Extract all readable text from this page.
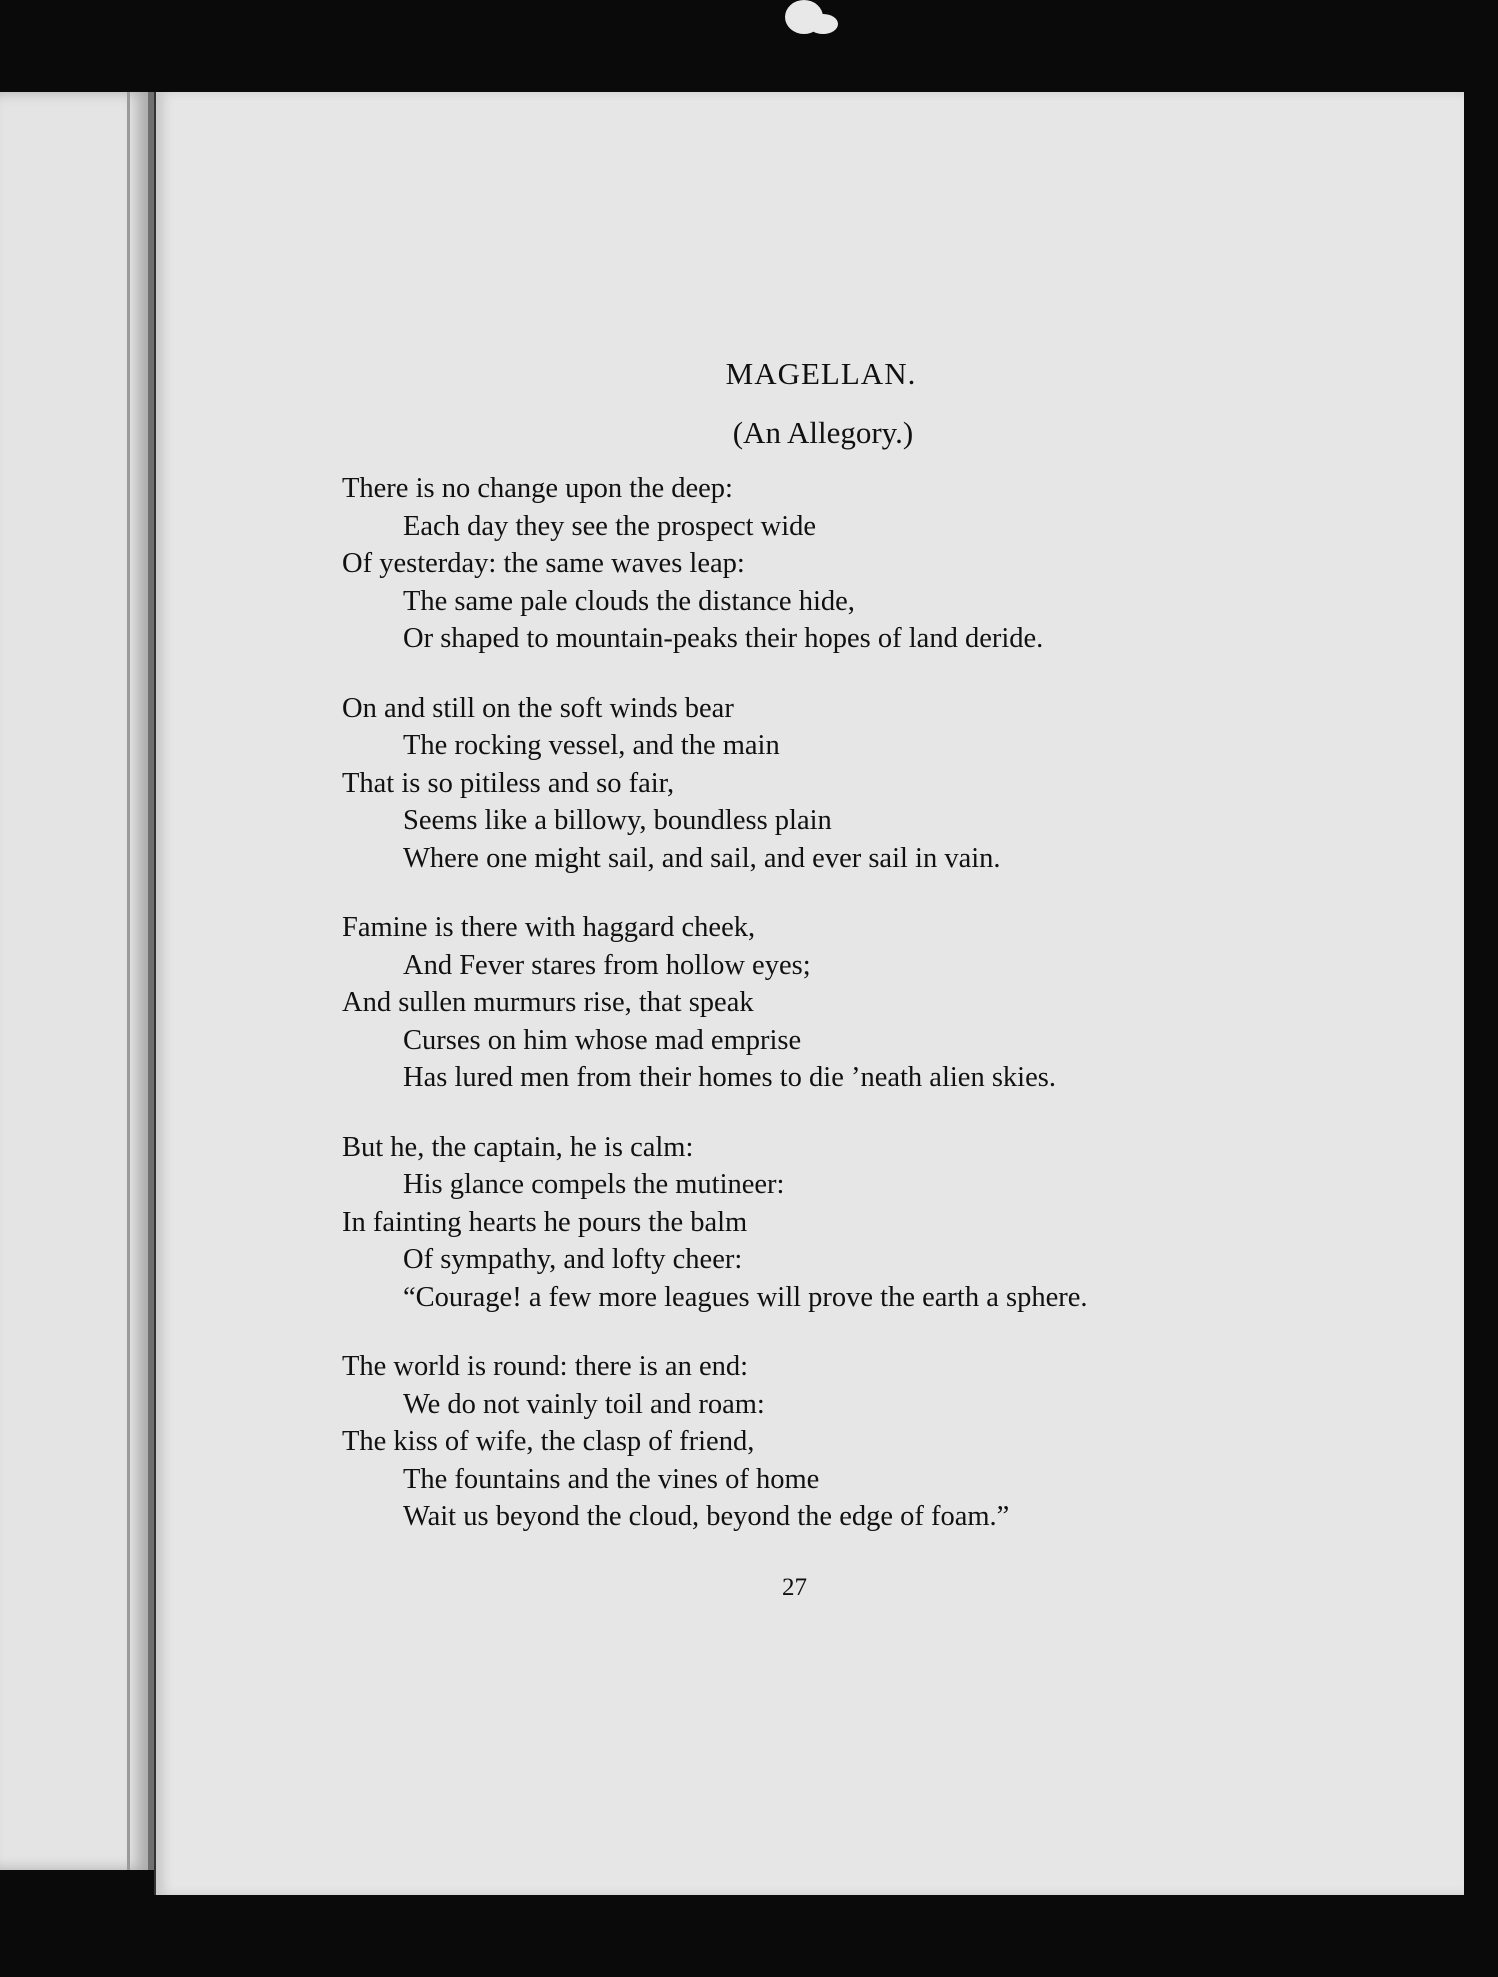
MAGELLAN.
(An Allegory.)
There is no change upon the deep:
Each day they see the prospect wide
Of yesterday: the same waves leap:
The same pale clouds the distance hide,
Or shaped to mountain-peaks their hopes of land deride.
On and still on the soft winds bear
The rocking vessel, and the main
That is so pitiless and so fair,
Seems like a billowy, boundless plain
Where one might sail, and sail, and ever sail in vain.
Famine is there with haggard cheek,
And Fever stares from hollow eyes;
And sullen murmurs rise, that speak
Curses on him whose mad emprise
Has lured men from their homes to die ’neath alien skies.
But he, the captain, he is calm:
His glance compels the mutineer:
In fainting hearts he pours the balm
Of sympathy, and lofty cheer:
“Courage! a few more leagues will prove the earth a sphere.
The world is round: there is an end:
We do not vainly toil and roam:
The kiss of wife, the clasp of friend,
The fountains and the vines of home
Wait us beyond the cloud, beyond the edge of foam.”
27
